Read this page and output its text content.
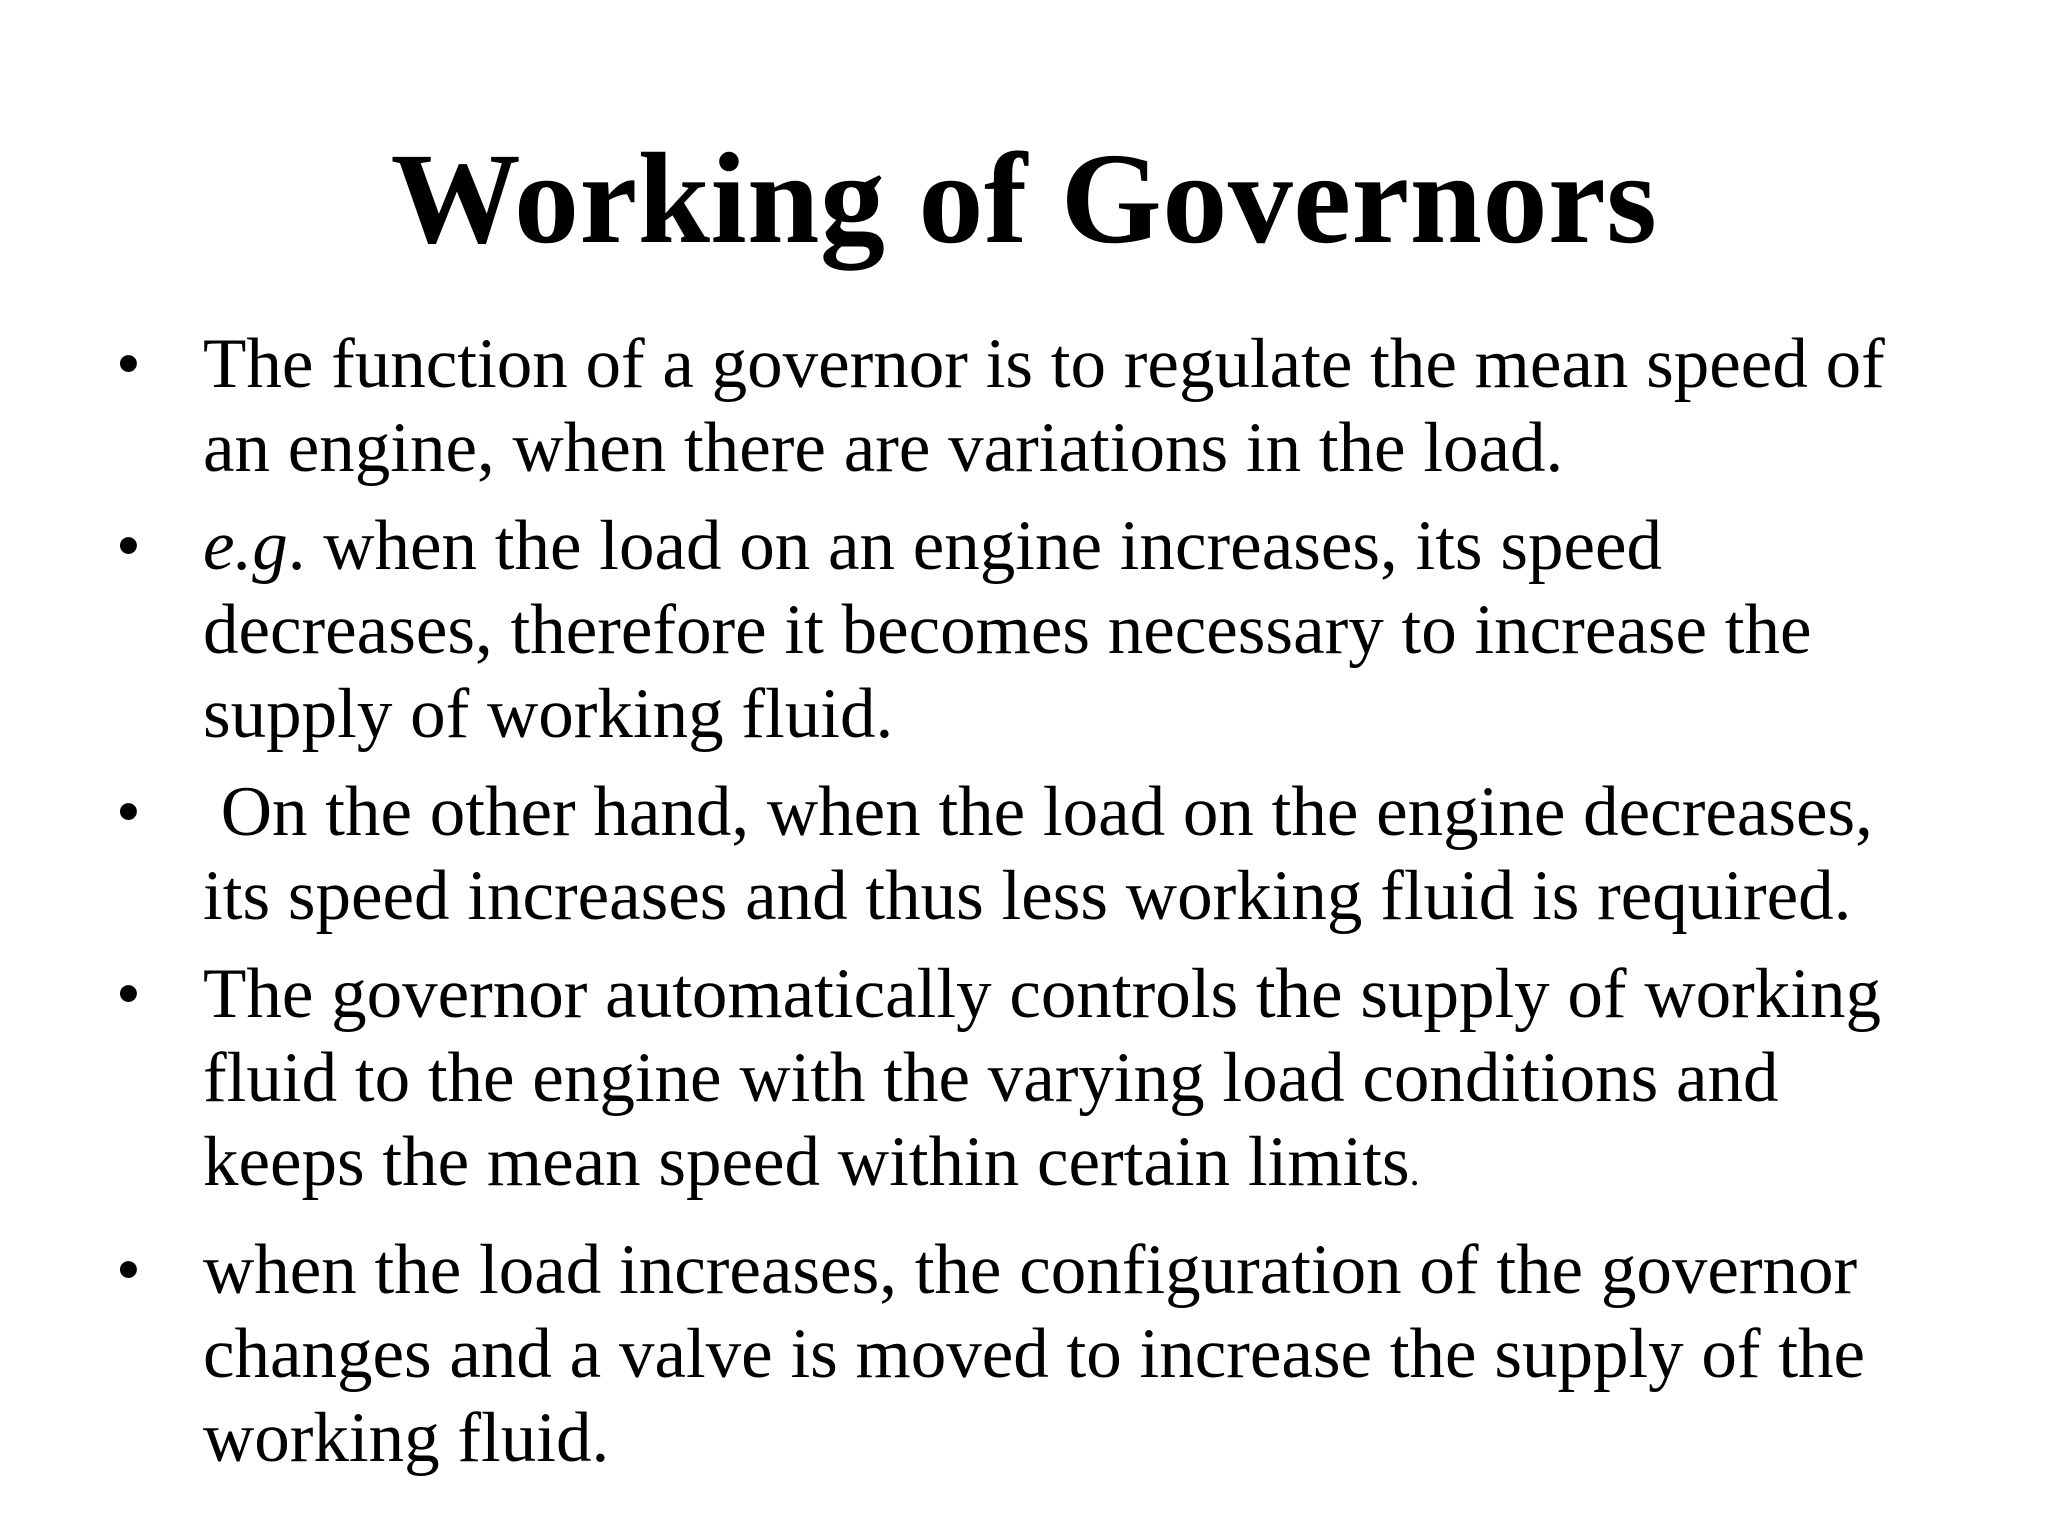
Working of Governors
• The function of a governor is to regulate the mean speed of an engine, when there are variations in the load.
• e.g. when the load on an engine increases, its speed decreases, therefore it becomes necessary to increase the supply of working fluid.
• On the other hand, when the load on the engine decreases, its speed increases and thus less working fluid is required.
• The governor automatically controls the supply of working fluid to the engine with the varying load conditions and keeps the mean speed within certain limits.
• when the load increases, the configuration of the governor changes and a valve is moved to increase the supply of the working fluid.
